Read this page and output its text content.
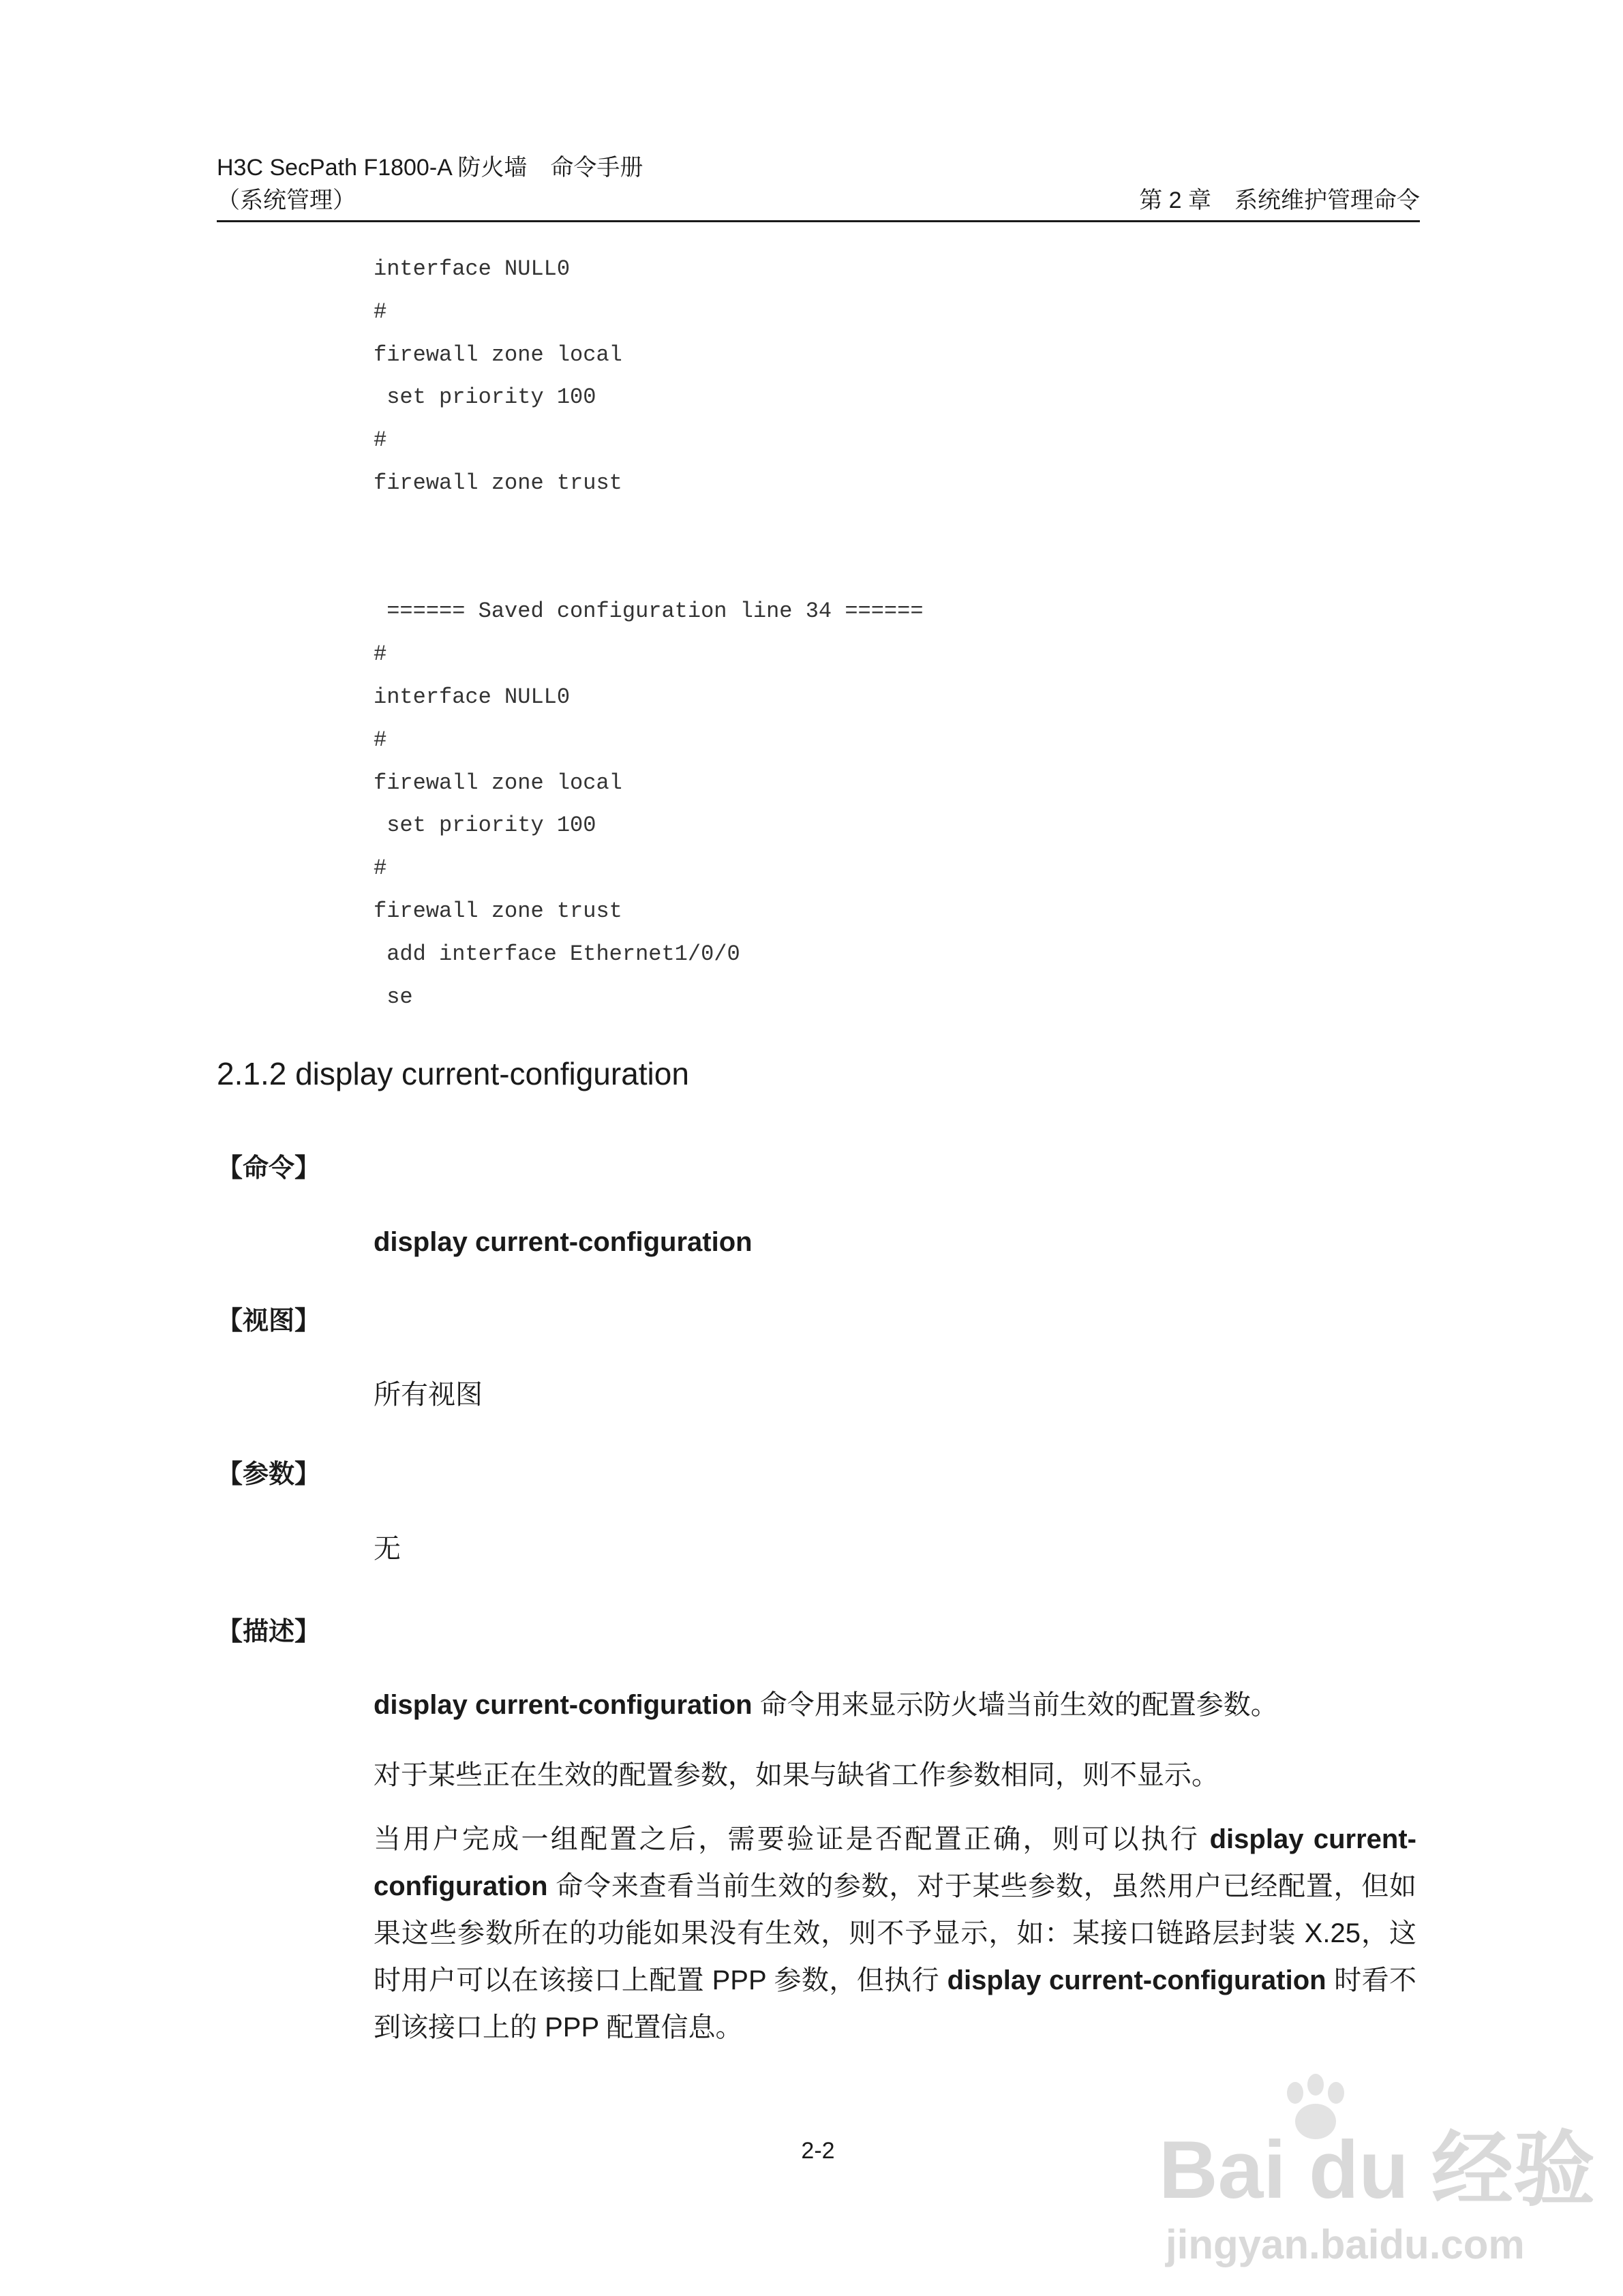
H3C SecPath F1800-A 防火墙　命令手册
（系统管理）	第 2 章　系统维护管理命令
interface NULL0
#
firewall zone local
set priority 100
#
firewall zone trust
====== Saved configuration line 34 ======
#
interface NULL0
#
firewall zone local
set priority 100
#
firewall zone trust
add interface Ethernet1/0/0
se
2.1.2 display current-configuration
【命令】
display current-configuration
【视图】
所有视图
【参数】
无
【描述】
display current-configuration 命令用来显示防火墙当前生效的配置参数。
对于某些正在生效的配置参数，如果与缺省工作参数相同，则不显示。
当用户完成一组配置之后，需要验证是否配置正确，则可以执行 display current-configuration 命令来查看当前生效的参数，对于某些参数，虽然用户已经配置，但如果这些参数所在的功能如果没有生效，则不予显示，如：某接口链路层封装 X.25，这时用户可以在该接口上配置 PPP 参数，但执行 display current-configuration 时看不到该接口上的 PPP 配置信息。
2-2	Bai du 经验
jingyan.baidu.com
